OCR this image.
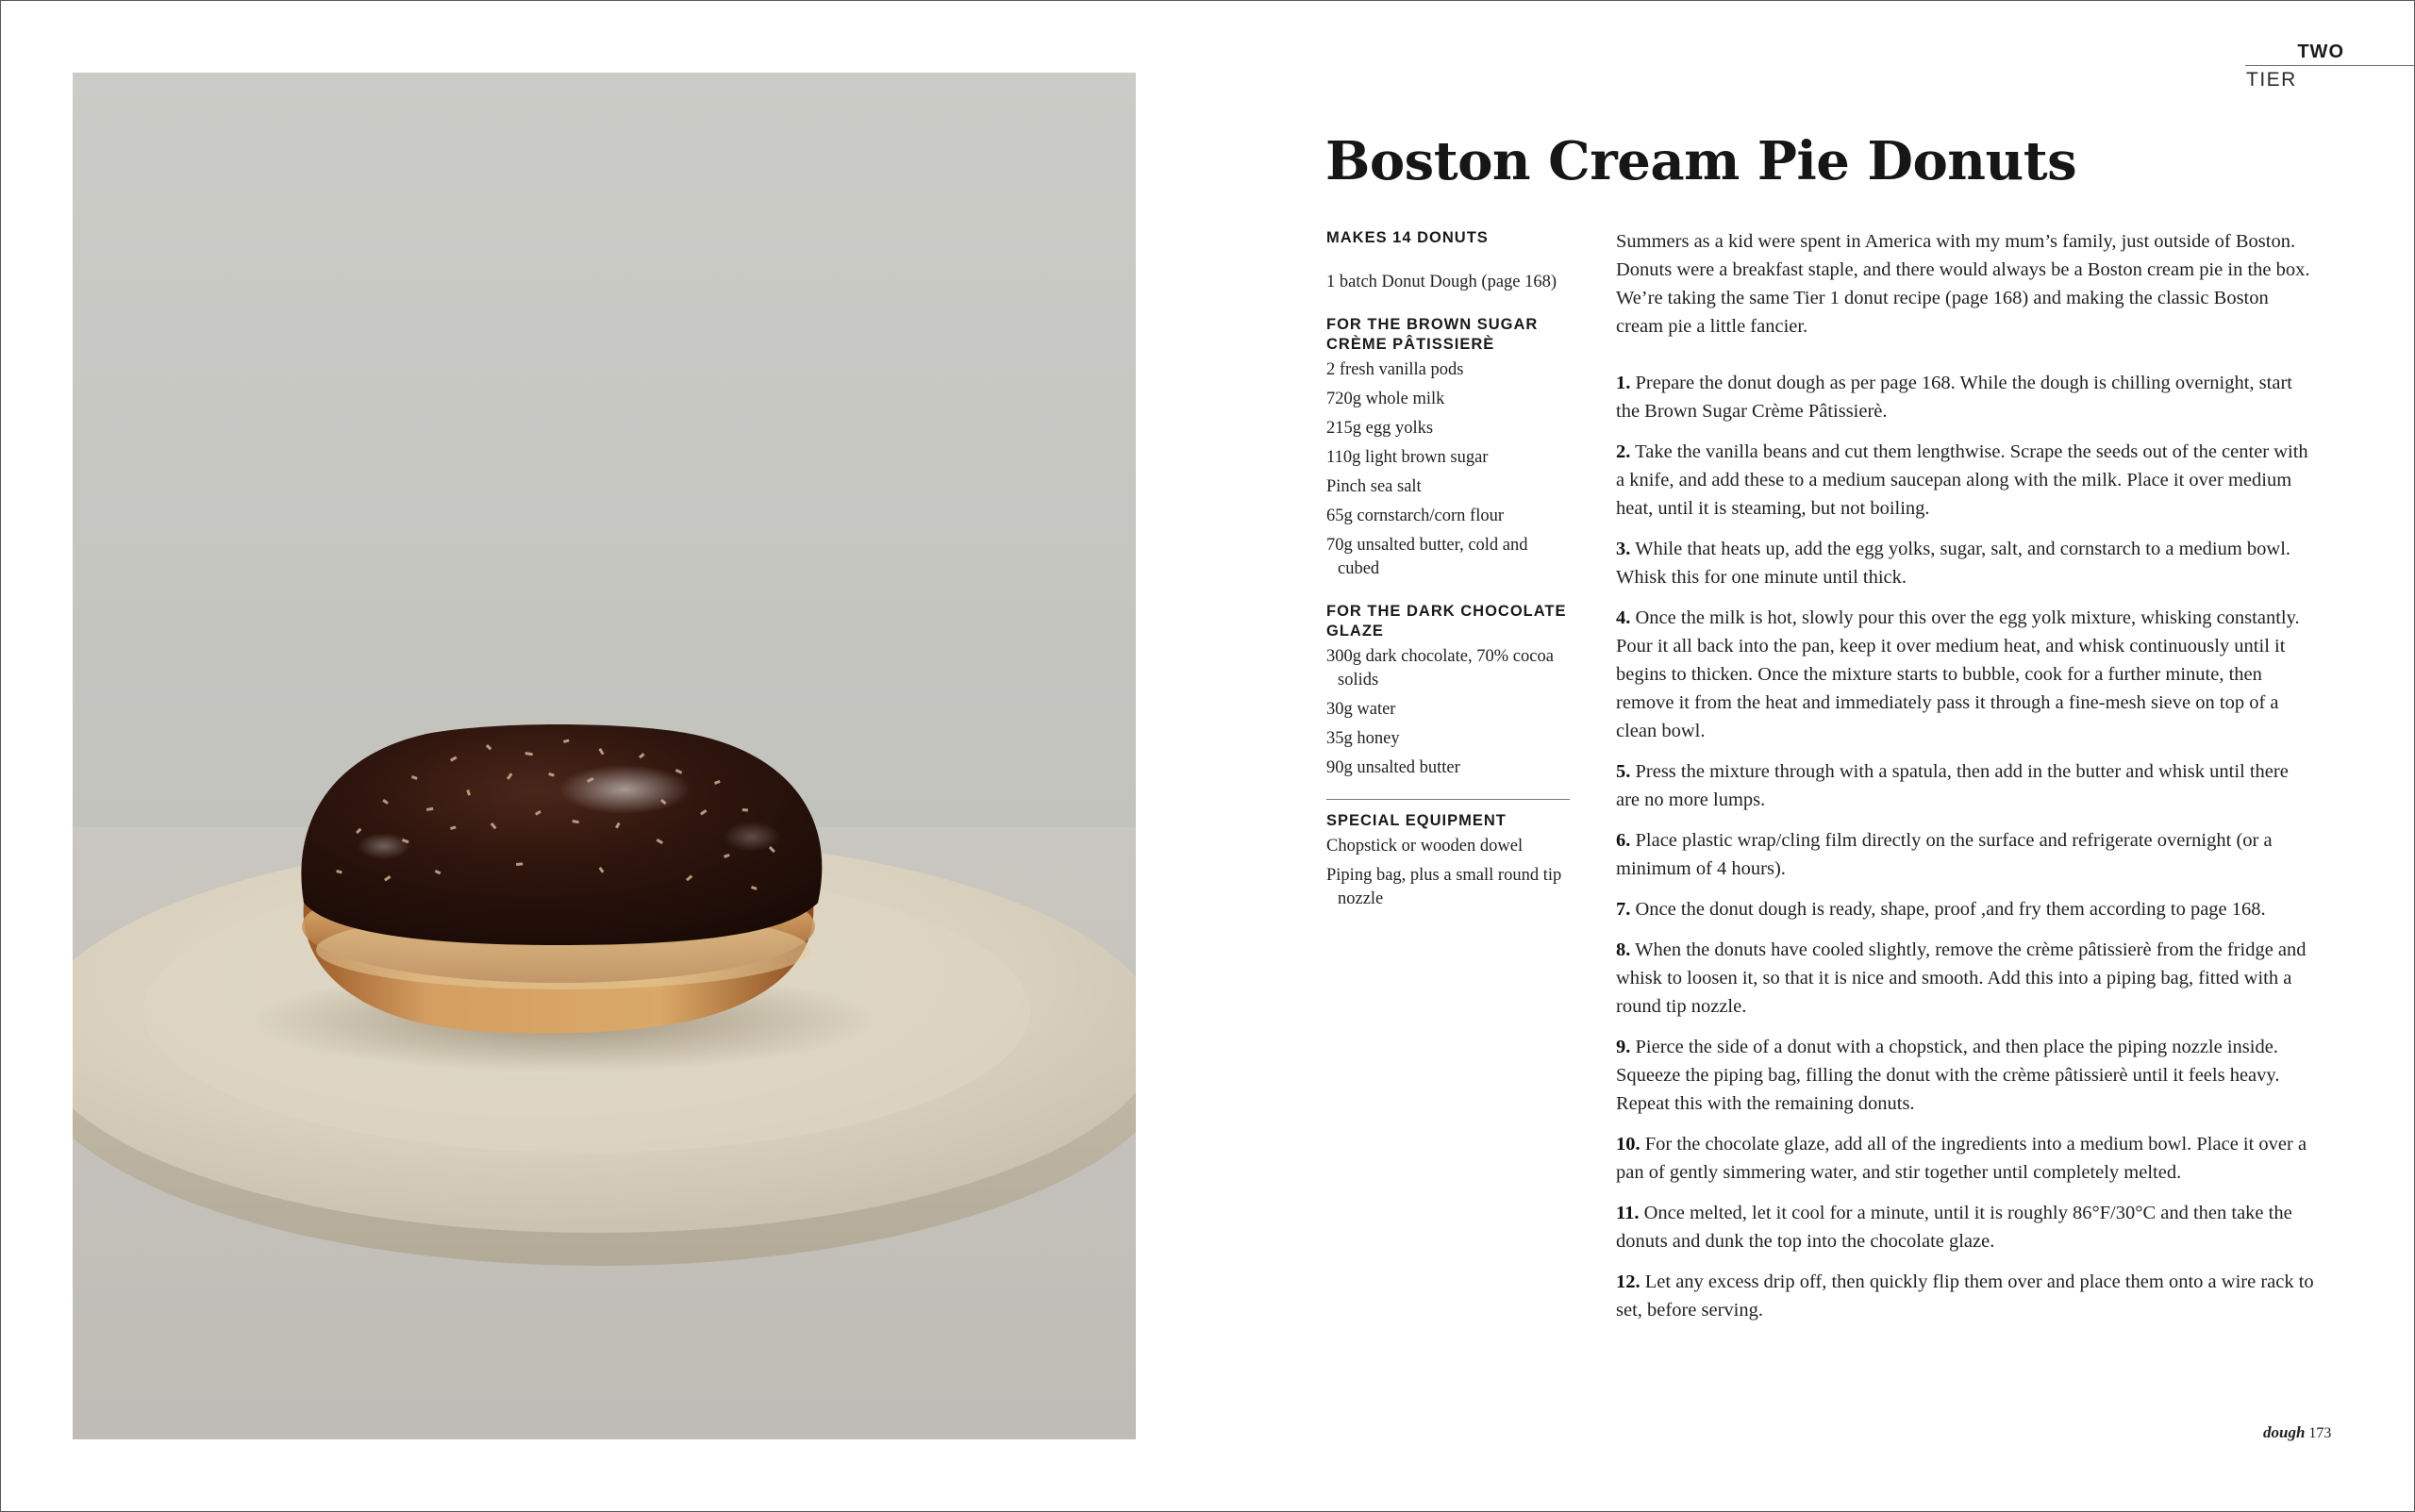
TWO
TIER
Boston Cream Pie Donuts

MAKES 14 DONUTS

1 batch Donut Dough (page 168)

FOR THE BROWN SUGAR CRÈME PÂTISSIERÈ

2 fresh vanilla pods
720g whole milk
215g egg yolks
110g light brown sugar
Pinch sea salt
65g cornstarch/corn flour
70g unsalted butter, cold and cubed

FOR THE DARK CHOCOLATE GLAZE

300g dark chocolate, 70% cocoa solids
30g water
35g honey
90g unsalted butter

SPECIAL EQUIPMENT

Chopstick or wooden dowel
Piping bag, plus a small round tip nozzle

Summers as a kid were spent in America with my mum’s family, just outside of Boston. Donuts were a breakfast staple, and there would always be a Boston cream pie in the box. We’re taking the same Tier 1 donut recipe (page 168) and making the classic Boston cream pie a little fancier.

1. Prepare the donut dough as per page 168. While the dough is chilling overnight, start the Brown Sugar Crème Pâtissierè.
2. Take the vanilla beans and cut them lengthwise. Scrape the seeds out of the center with a knife, and add these to a medium saucepan along with the milk. Place it over medium heat, until it is steaming, but not boiling.
3. While that heats up, add the egg yolks, sugar, salt, and cornstarch to a medium bowl. Whisk this for one minute until thick.
4. Once the milk is hot, slowly pour this over the egg yolk mixture, whisking constantly. Pour it all back into the pan, keep it over medium heat, and whisk continuously until it begins to thicken. Once the mixture starts to bubble, cook for a further minute, then remove it from the heat and immediately pass it through a fine-mesh sieve on top of a clean bowl.
5. Press the mixture through with a spatula, then add in the butter and whisk until there are no more lumps.
6. Place plastic wrap/cling film directly on the surface and refrigerate overnight (or a minimum of 4 hours).
7. Once the donut dough is ready, shape, proof ,and fry them according to page 168.
8. When the donuts have cooled slightly, remove the crème pâtissierè from the fridge and whisk to loosen it, so that it is nice and smooth. Add this into a piping bag, fitted with a round tip nozzle.
9. Pierce the side of a donut with a chopstick, and then place the piping nozzle inside. Squeeze the piping bag, filling the donut with the crème pâtissierè until it feels heavy. Repeat this with the remaining donuts.
10. For the chocolate glaze, add all of the ingredients into a medium bowl. Place it over a pan of gently simmering water, and stir together until completely melted.
11. Once melted, let it cool for a minute, until it is roughly 86°F/30°C and then take the donuts and dunk the top into the chocolate glaze.
12. Let any excess drip off, then quickly flip them over and place them onto a wire rack to set, before serving.
dough 173
